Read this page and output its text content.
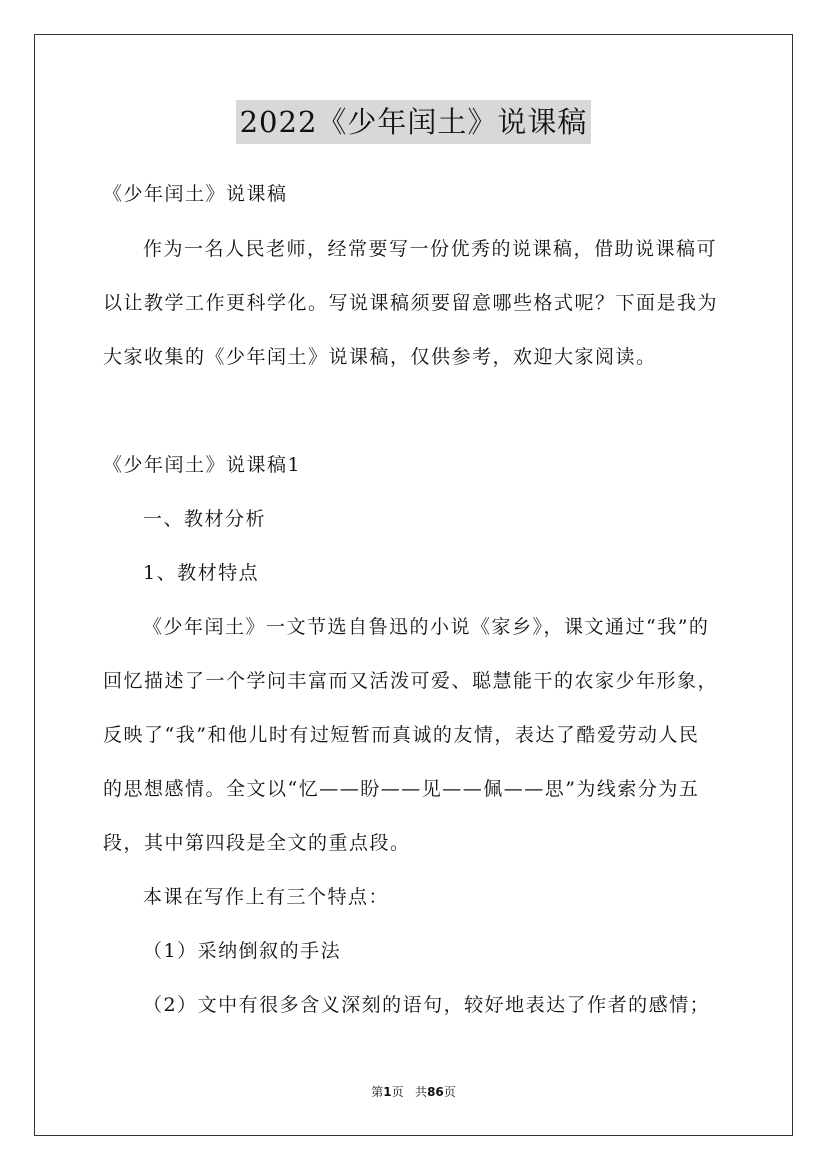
2022《少年闰土》说课稿
《少年闰土》说课稿
作为一名人民老师，经常要写一份优秀的说课稿，借助说课稿可
以让教学工作更科学化。写说课稿须要留意哪些格式呢？下面是我为
大家收集的《少年闰土》说课稿，仅供参考，欢迎大家阅读。
《少年闰土》说课稿1
一、教材分析
1、教材特点
《少年闰土》一文节选自鲁迅的小说《家乡》，课文通过“我”的
回忆描述了一个学问丰富而又活泼可爱、聪慧能干的农家少年形象，
反映了“我”和他儿时有过短暂而真诚的友情，表达了酷爱劳动人民
的思想感情。全文以“忆——盼——见——佩——思”为线索分为五
段，其中第四段是全文的重点段。
本课在写作上有三个特点：
（1）采纳倒叙的手法
（2）文中有很多含义深刻的语句，较好地表达了作者的感情；
第1页 共86页
